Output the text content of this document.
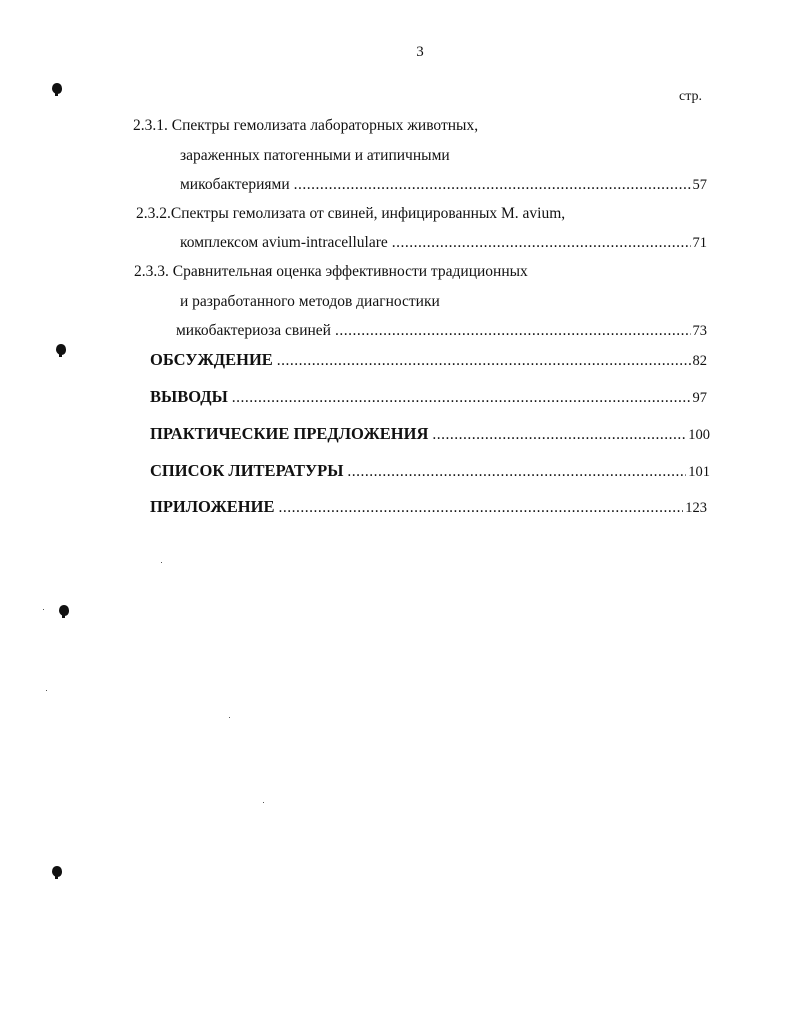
3
стр.
2.3.1. Спектры гемолизата лабораторных животных,
зараженных патогенными и атипичными
микобактериями .....	57
2.3.2.Спектры гемолизата от свиней, инфицированных M. avium,
комплексом avium-intracellulare .....	71
2.3.3. Сравнительная оценка эффективности традиционных
и разработанного методов диагностики
микобактериоза свиней .....	73
ОБСУЖДЕНИЕ .....	82
ВЫВОДЫ .....	97
ПРАКТИЧЕСКИЕ ПРЕДЛОЖЕНИЯ .....	100
СПИСОК ЛИТЕРАТУРЫ .....	101
ПРИЛОЖЕНИЕ .....	123
